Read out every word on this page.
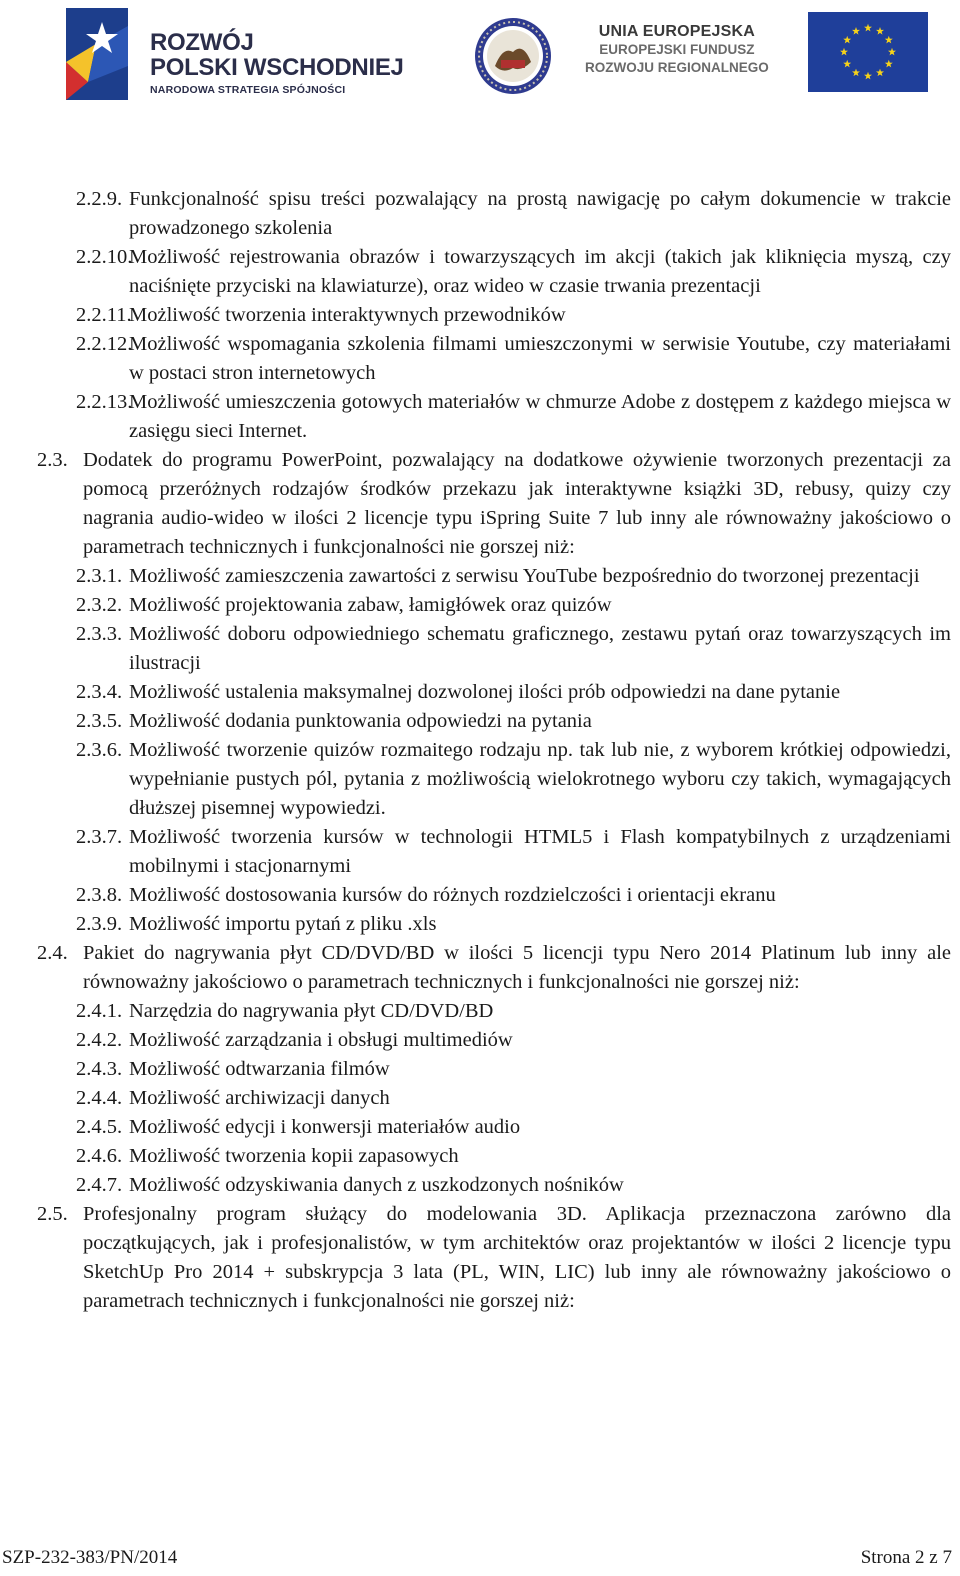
ROZWÓJ
POLSKI WSCHODNIEJ
NARODOWA STRATEGIA SPÓJNOŚCI
UNIA EUROPEJSKA
EUROPEJSKI FUNDUSZ
ROZWOJU REGIONALNEGO

2.2.9. Funkcjonalność spisu treści pozwalający na prostą nawigację po całym dokumencie w trakcie prowadzonego szkolenia

2.2.10.
Możliwość rejestrowania obrazów i towarzyszących im akcji (takich jak kliknięcia myszą, czy naciśnięte przyciski na klawiaturze), oraz wideo w czasie trwania prezentacji

2.2.11.
Możliwość tworzenia interaktywnych przewodników

2.2.12.
Możliwość wspomagania szkolenia filmami umieszczonymi w serwisie Youtube, czy materiałami w postaci stron internetowych

2.2.13.
Możliwość umieszczenia gotowych materiałów w chmurze Adobe z dostępem z każdego miejsca w zasięgu sieci Internet.

2.3. Dodatek do programu PowerPoint, pozwalający na dodatkowe ożywienie tworzonych prezentacji za pomocą przeróżnych rodzajów środków przekazu jak interaktywne książki 3D, rebusy, quizy czy nagrania audio-wideo w ilości 2 licencje typu iSpring Suite 7 lub inny ale równoważny jakościowo o parametrach technicznych i funkcjonalności nie gorszej niż:

2.3.1. Możliwość zamieszczenia zawartości z serwisu YouTube bezpośrednio do tworzonej prezentacji

2.3.2. Możliwość projektowania zabaw, łamigłówek oraz quizów

2.3.3. Możliwość doboru odpowiedniego schematu graficznego, zestawu pytań oraz towarzyszących im ilustracji

2.3.4. Możliwość ustalenia maksymalnej dozwolonej ilości prób odpowiedzi na dane pytanie

2.3.5. Możliwość dodania punktowania odpowiedzi na pytania

2.3.6. Możliwość tworzenie quizów rozmaitego rodzaju np. tak lub nie, z wyborem krótkiej odpowiedzi, wypełnianie pustych pól, pytania z możliwością wielokrotnego wyboru czy takich, wymagających dłuższej pisemnej wypowiedzi.

2.3.7. Możliwość tworzenia kursów w technologii HTML5 i Flash kompatybilnych z urządzeniami mobilnymi i stacjonarnymi

2.3.8. Możliwość dostosowania kursów do różnych rozdzielczości i orientacji ekranu

2.3.9. Możliwość importu pytań z pliku .xls

2.4. Pakiet do nagrywania płyt CD/DVD/BD w ilości 5 licencji typu Nero 2014 Platinum lub inny ale równoważny jakościowo o parametrach technicznych i funkcjonalności nie gorszej niż:

2.4.1. Narzędzia do nagrywania płyt CD/DVD/BD

2.4.2. Możliwość zarządzania i obsługi multimediów

2.4.3. Możliwość odtwarzania filmów

2.4.4. Możliwość archiwizacji danych

2.4.5. Możliwość edycji i konwersji materiałów audio

2.4.6. Możliwość tworzenia kopii zapasowych

2.4.7. Możliwość odzyskiwania danych z uszkodzonych nośników

2.5. Profesjonalny program służący do modelowania 3D. Aplikacja przeznaczona zarówno dla początkujących, jak i profesjonalistów, w tym architektów oraz projektantów w ilości 2 licencje typu SketchUp Pro 2014 + subskrypcja 3 lata (PL, WIN, LIC) lub inny ale równoważny jakościowo o parametrach technicznych i funkcjonalności nie gorszej niż:

SZP-232-383/PN/2014	Strona 2 z 7
